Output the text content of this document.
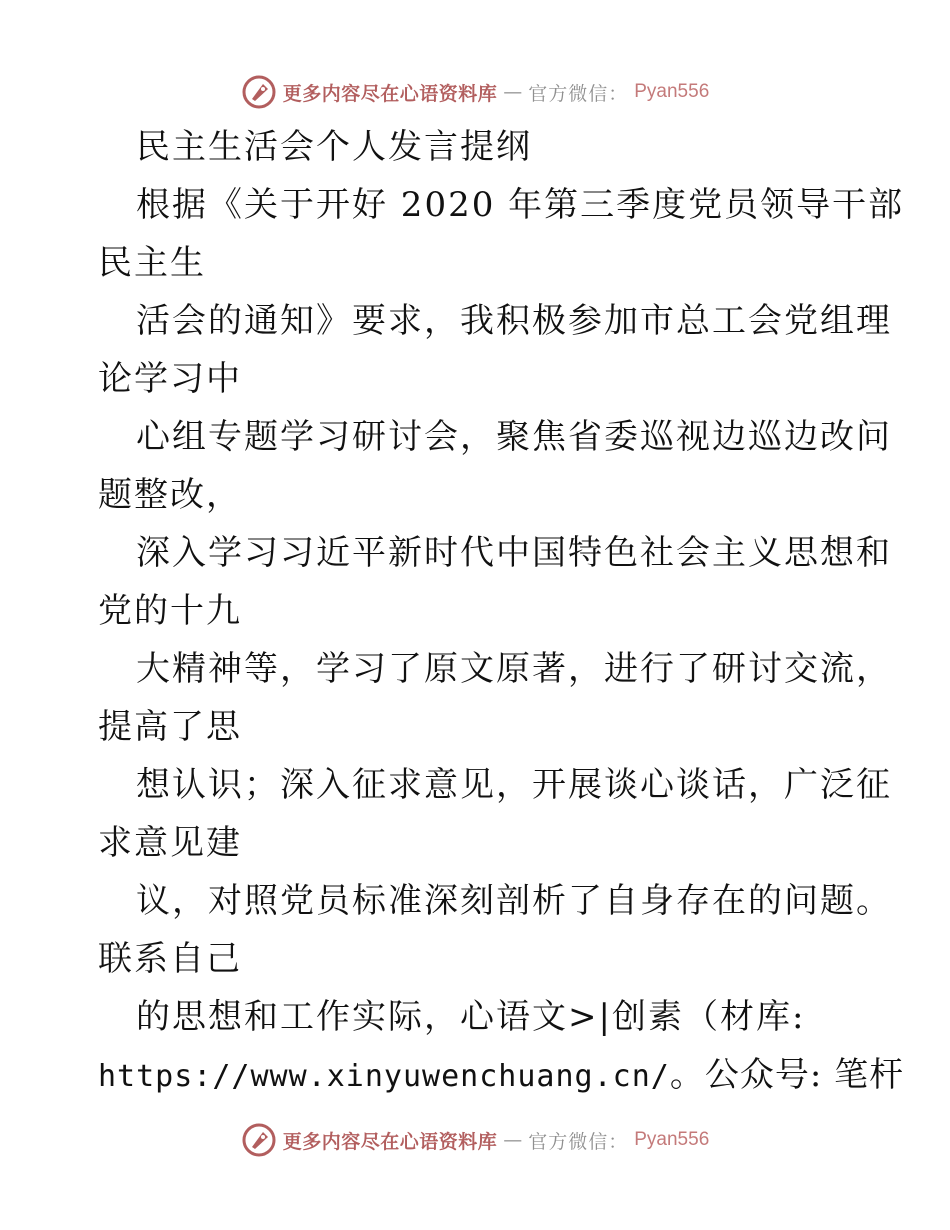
更多内容尽在心语资料库 — 官方微信： Pyan556
民主生活会个人发言提纲
根据《关于开好 2020 年第三季度党员领导干部
民主生
活会的通知》要求，我积极参加市总工会党组理
论学习中
心组专题学习研讨会，聚焦省委巡视边巡边改问
题整改，
深入学习习近平新时代中国特色社会主义思想和
党的十九
大精神等，学习了原文原著，进行了研讨交流，
提高了思
想认识；深入征求意见，开展谈心谈话，广泛征
求意见建
议，对照党员标准深刻剖析了自身存在的问题。
联系自己
的思想和工作实际，心语文>|创素（材库:
https://www.xinyuwenchuang.cn/。公众号: 笔杆
更多内容尽在心语资料库 — 官方微信： Pyan556
